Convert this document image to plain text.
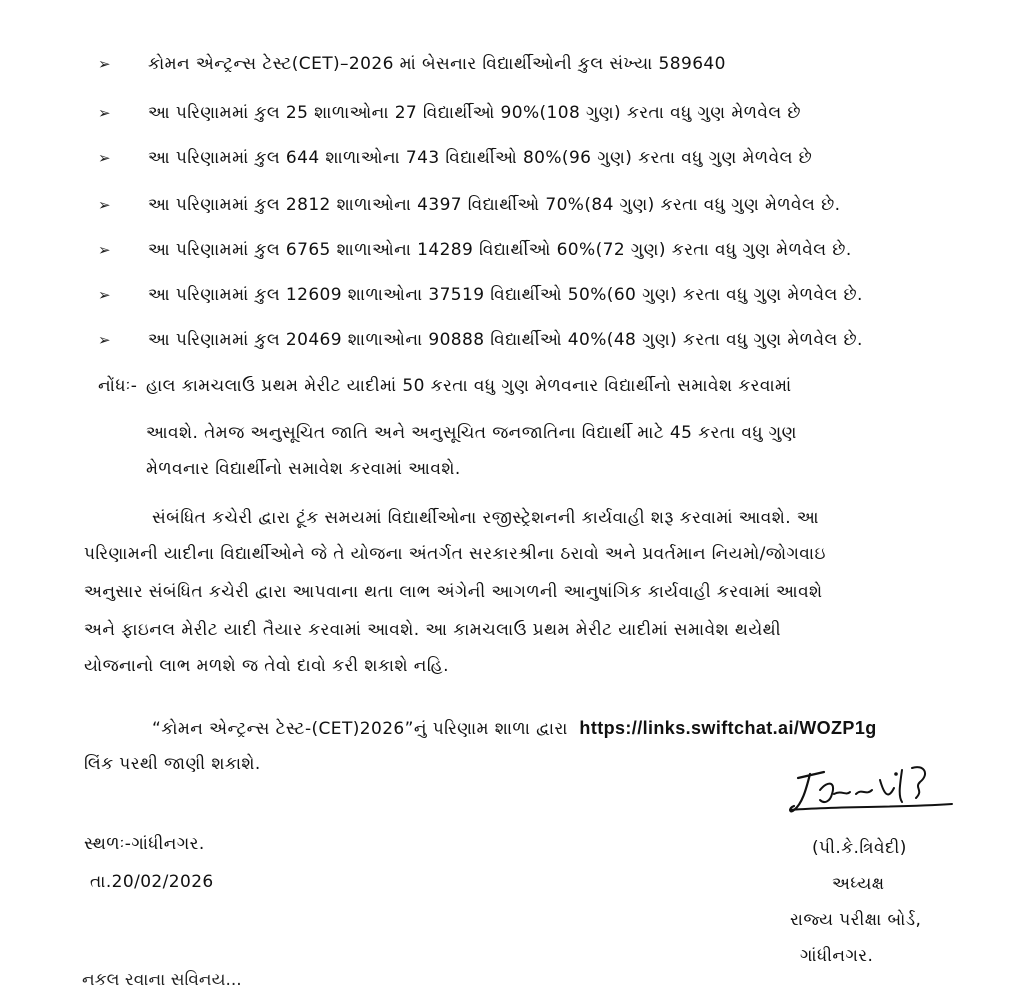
➢ કોમન એન્ટ્રન્સ ટેસ્ટ(CET)–2026 માં બેસનાર વિદ્યાર્થીઓની કુલ સંખ્યા 589640

➢ આ પરિણામમાં કુલ 25 શાળાઓના 27 વિદ્યાર્થીઓ 90%(108 ગુણ) કરતા વધુ ગુણ મેળવેલ છે

➢ આ પરિણામમાં કુલ 644 શાળાઓના 743 વિદ્યાર્થીઓ 80%(96 ગુણ) કરતા વધુ ગુણ મેળવેલ છે

➢ આ પરિણામમાં કુલ 2812 શાળાઓના 4397 વિદ્યાર્થીઓ 70%(84 ગુણ) કરતા વધુ ગુણ મેળવેલ છે.

➢ આ પરિણામમાં કુલ 6765 શાળાઓના 14289 વિદ્યાર્થીઓ 60%(72 ગુણ) કરતા વધુ ગુણ મેળવેલ છે.

➢ આ પરિણામમાં કુલ 12609 શાળાઓના 37519 વિદ્યાર્થીઓ 50%(60 ગુણ) કરતા વધુ ગુણ મેળવેલ છે.

➢ આ પરિણામમાં કુલ 20469 શાળાઓના 90888 વિદ્યાર્થીઓ 40%(48 ગુણ) કરતા વધુ ગુણ મેળવેલ છે.

નોંધઃ- હાલ કામચલાઉ પ્રથમ મેરીટ યાદીમાં 50 કરતા વધુ ગુણ મેળવનાર વિદ્યાર્થીનો સમાવેશ કરવામાં

આવશે. તેમજ અનુસૂચિત જાતિ અને અનુસૂચિત જનજાતિના વિદ્યાર્થી માટે 45 કરતા વધુ ગુણ

મેળવનાર વિદ્યાર્થીનો સમાવેશ કરવામાં આવશે.

સંબંધિત કચેરી દ્વારા ટૂંક સમયમાં વિદ્યાર્થીઓના રજીસ્ટ્રેશનની કાર્યવાહી શરૂ કરવામાં આવશે. આ

પરિણામની યાદીના વિદ્યાર્થીઓને જે તે યોજના અંતર્ગત સરકારશ્રીના ઠરાવો અને પ્રવર્તમાન નિયમો/જોગવાઇ

અનુસાર સંબંધિત કચેરી દ્વારા આપવાના થતા લાભ અંગેની આગળની આનુષાંગિક કાર્યવાહી કરવામાં આવશે

અને ફાઇનલ મેરીટ યાદી તૈયાર કરવામાં આવશે. આ કામચલાઉ પ્રથમ મેરીટ યાદીમાં સમાવેશ થયેથી

યોજનાનો લાભ મળશે જ તેવો દાવો કરી શકાશે નહિ.

“કોમન એન્ટ્રન્સ ટેસ્ટ-(CET)2026”નું પરિણામ શાળા દ્વારા https://links.swiftchat.ai/WOZP1g

લિંક પરથી જાણી શકાશે.

સ્થળઃ-ગાંધીનગર.

તા.20/02/2026

(પી.કે.ત્રિવેદી)

અધ્યક્ષ

રાજ્ય પરીક્ષા બોર્ડ,

ગાંધીનગર.

નકલ રવાના સવિનય...
